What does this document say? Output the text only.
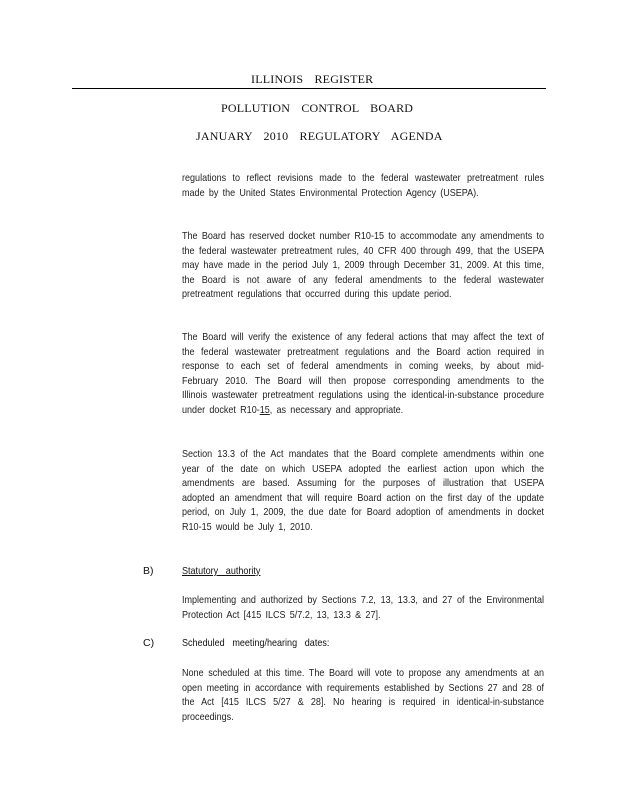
ILLINOIS REGISTER
POLLUTION CONTROL BOARD
JANUARY 2010 REGULATORY AGENDA
regulations to reflect revisions made to the federal wastewater pretreatment rules made by the United States Environmental Protection Agency (USEPA).
The Board has reserved docket number R10-15 to accommodate any amendments to the federal wastewater pretreatment rules, 40 CFR 400 through 499, that the USEPA may have made in the period July 1, 2009 through December 31, 2009. At this time, the Board is not aware of any federal amendments to the federal wastewater pretreatment regulations that occurred during this update period.
The Board will verify the existence of any federal actions that may affect the text of the federal wastewater pretreatment regulations and the Board action required in response to each set of federal amendments in coming weeks, by about mid-February 2010. The Board will then propose corresponding amendments to the Illinois wastewater pretreatment regulations using the identical-in-substance procedure under docket R10-15, as necessary and appropriate.
Section 13.3 of the Act mandates that the Board complete amendments within one year of the date on which USEPA adopted the earliest action upon which the amendments are based. Assuming for the purposes of illustration that USEPA adopted an amendment that will require Board action on the first day of the update period, on July 1, 2009, the due date for Board adoption of amendments in docket R10-15 would be July 1, 2010.
B)	Statutory authority
Implementing and authorized by Sections 7.2, 13, 13.3, and 27 of the Environmental Protection Act [415 ILCS 5/7.2, 13, 13.3 & 27].
C)	Scheduled meeting/hearing dates:
None scheduled at this time. The Board will vote to propose any amendments at an open meeting in accordance with requirements established by Sections 27 and 28 of the Act [415 ILCS 5/27 & 28]. No hearing is required in identical-in-substance proceedings.
